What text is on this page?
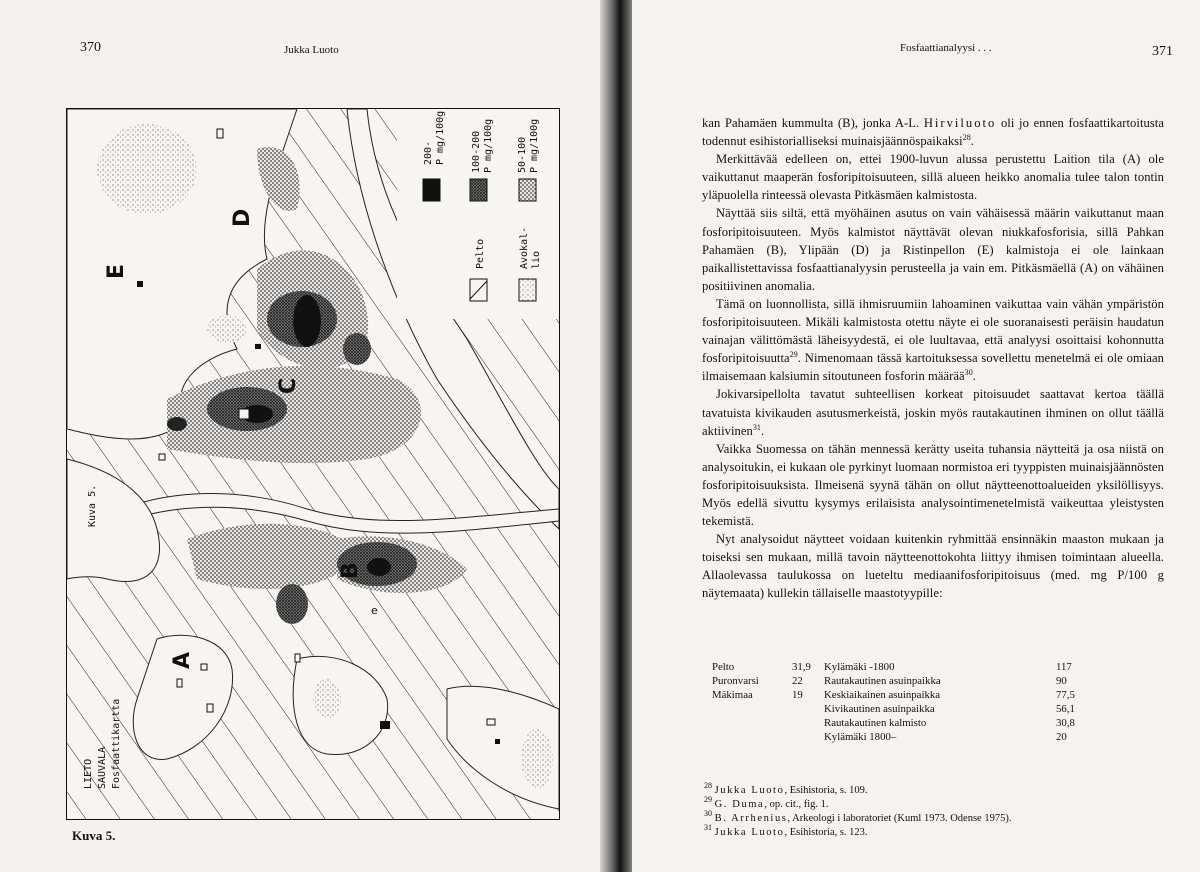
370	Jukka Luoto
A
B
C
D
E
e
200- P mg/100g	100-200 P mg/100g 50-100 P mg/100g
Pelto	Avokal- lio
Kuva 5.
LIETO SAUVALA Fosfaattikartta
Kuva 5.
Fosfaattianalyysi . . .	371

kan Pahamäen kummulta (B), jonka A-L. Hirviluoto oli jo ennen fosfaattikartoitusta todennut esihistorialliseksi muinaisjäännöspaikaksi$^{28}$.

Merkittävää edelleen on, ettei 1900-luvun alussa perustettu Laition tila (A) ole vaikuttanut maaperän fosforipitoisuuteen, sillä alueen heikko anomalia tulee talon tontin yläpuolella rinteessä olevasta Pitkäsmäen kalmistosta.

Näyttää siis siltä, että myöhäinen asutus on vain vähäisessä määrin vaikuttanut maan fosforipitoisuuteen. Myös kalmistot näyttävät olevan niukkafosforisia, sillä Pahkan Pahamäen (B), Ylipään (D) ja Ristinpellon (E) kalmistoja ei ole lainkaan paikallistettavissa fosfaattianalyysin perusteella ja vain em. Pitkäsmäellä (A) on vähäinen positiivinen anomalia.

Tämä on luonnollista, sillä ihmisruumiin lahoaminen vaikuttaa vain vähän ympäristön fosforipitoisuuteen. Mikäli kalmistosta otettu näyte ei ole suoranaisesti peräisin haudatun vainajan välittömästä läheisyydestä, ei ole luultavaa, että analyysi osoittaisi kohonnutta fosforipitoisuutta$^{29}$. Nimenomaan tässä kartoituksessa sovellettu menetelmä ei ole omiaan ilmaisemaan kalsiumin sitoutuneen fosforin määrää$^{30}$.

Jokivarsipellolta tavatut suhteellisen korkeat pitoisuudet saattavat kertoa täällä tavatuista kivikauden asutusmerkeistä, joskin myös rautakautinen ihminen on ollut täällä aktiivinen$^{31}$.

Vaikka Suomessa on tähän mennessä kerätty useita tuhansia näytteitä ja osa niistä on analysoitukin, ei kukaan ole pyrkinyt luomaan normistoa eri tyyppisten muinaisjäännösten fosforipitoisuuksista. Ilmeisenä syynä tähän on ollut näytteenottoalueiden yksilöllisyys. Myös edellä sivuttu kysymys erilaisista analysointimenetelmistä vaikeuttaa yleistysten tekemistä.

Nyt analysoidut näytteet voidaan kuitenkin ryhmittää ensinnäkin maaston mukaan ja toiseksi sen mukaan, millä tavoin näytteenottokohta liittyy ihmisen toimintaan alueella. Allaolevassa taulukossa on lueteltu mediaanifosforipitoisuus (med. mg P/100 g näytemaata) kullekin tällaiselle maastotyypille:

Pelto	31,9	Kylämäki -1800	117
Puronvarsi	22	Rautakautinen asuinpaikka	90
Mäkimaa	19	Keskiaikainen asuinpaikka	77,5
		Kivikautinen asuinpaikka	56,1
		Rautakautinen kalmisto	30,8
		Kylämäki 1800–	20
$^{28}$ Jukka Luoto, Esihistoria, s. 109.
$^{29}$ G. Duma, op. cit., fig. 1.
$^{30}$ B. Arrhenius, Arkeologi i laboratoriet (Kuml 1973. Odense 1975).
$^{31}$ Jukka Luoto, Esihistoria, s. 123.
